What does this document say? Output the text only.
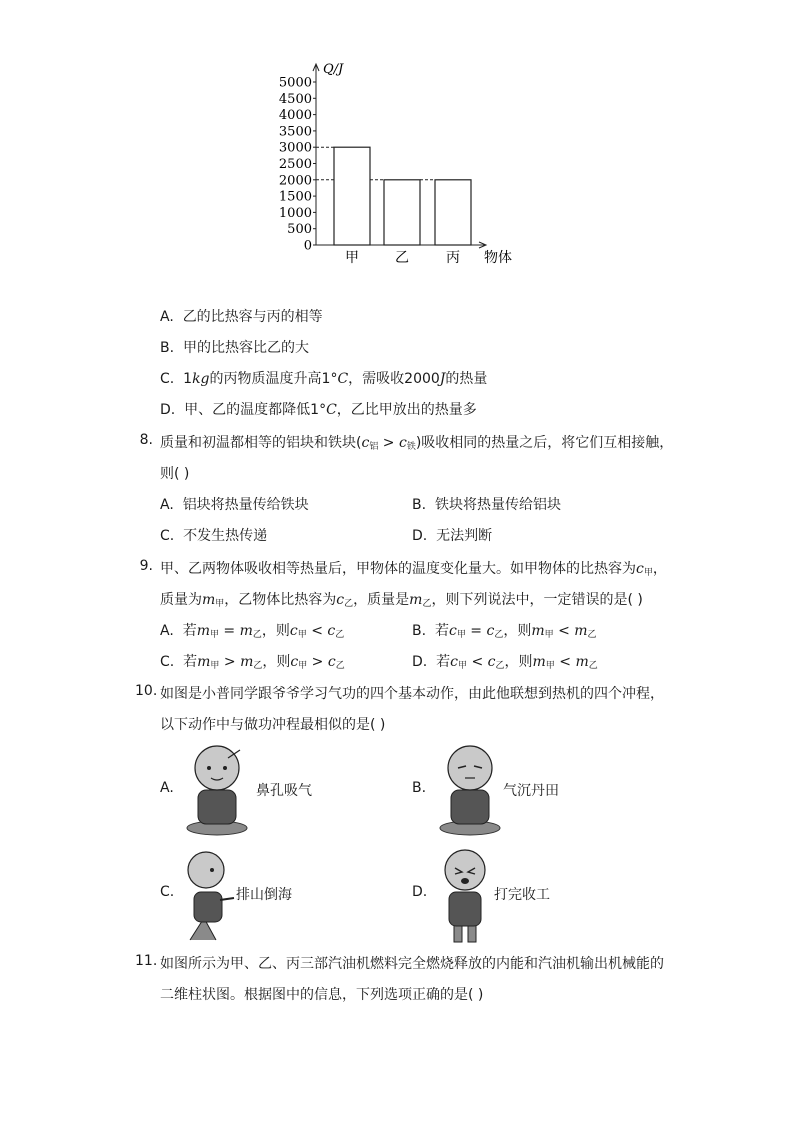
Q/J
0
500
1000
1500
2000
2500
3000
3500
4000
4500
5000
甲	乙	丙 物体
A. 乙的比热容与丙的相等
B. 甲的比热容比乙的大
C. 1kg的丙物质温度升高1°C，需吸收2000J的热量
D. 甲、乙的温度都降低1°C，乙比甲放出的热量多
8. 质量和初温都相等的铝块和铁块$(c_铝 > c_铁)$吸收相同的热量之后，将它们互相接触，
则( )
A. 铝块将热量传给铁块	B. 铁块将热量传给铝块
C. 不发生热传递	D. 无法判断
9. 甲、乙两物体吸收相等热量后，甲物体的温度变化量大。如甲物体的比热容为$c_甲$，
质量为$m_甲$，乙物体比热容为$c_乙$，质量是$m_乙$，则下列说法中，一定错误的是( )
A. 若$m_甲 = m_乙$，则$c_甲 < c_乙$	B. 若$c_甲 = c_乙$，则$m_甲 < m_乙$
C. 若$m_甲 > m_乙$，则$c_甲 > c_乙$	D. 若$c_甲 < c_乙$，则$m_甲 < m_乙$
10. 如图是小普同学跟爷爷学习气功的四个基本动作，由此他联想到热机的四个冲程，
以下动作中与做功冲程最相似的是( )
A.	鼻孔吸气	B.	气沉丹田
C.	排山倒海	D.	打完收工
11. 如图所示为甲、乙、丙三部汽油机燃料完全燃烧释放的内能和汽油机输出机械能的
二维柱状图。根据图中的信息，下列选项正确的是( )
